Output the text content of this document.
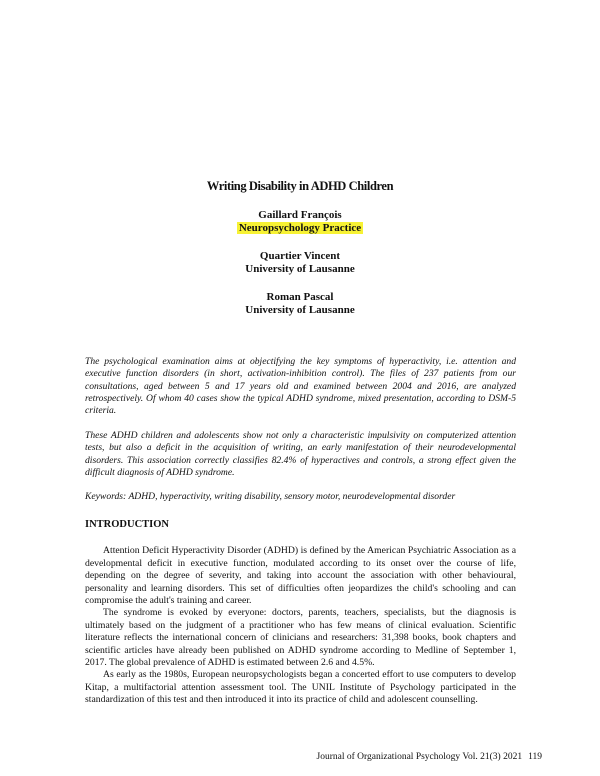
Writing Disability in ADHD Children
Gaillard François
Neuropsychology Practice
Quartier Vincent
University of Lausanne
Roman Pascal
University of Lausanne

The psychological examination aims at objectifying the key symptoms of hyperactivity, i.e. attention and executive function disorders (in short, activation-inhibition control). The files of 237 patients from our consultations, aged between 5 and 17 years old and examined between 2004 and 2016, are analyzed retrospectively. Of whom 40 cases show the typical ADHD syndrome, mixed presentation, according to DSM-5 criteria.

These ADHD children and adolescents show not only a characteristic impulsivity on computerized attention tests, but also a deficit in the acquisition of writing, an early manifestation of their neurodevelopmental disorders. This association correctly classifies 82.4% of hyperactives and controls, a strong effect given the difficult diagnosis of ADHD syndrome.

Keywords: ADHD, hyperactivity, writing disability, sensory motor, neurodevelopmental disorder

INTRODUCTION

Attention Deficit Hyperactivity Disorder (ADHD) is defined by the American Psychiatric Association as a developmental deficit in executive function, modulated according to its onset over the course of life, depending on the degree of severity, and taking into account the association with other behavioural, personality and learning disorders. This set of difficulties often jeopardizes the child's schooling and can compromise the adult's training and career.

The syndrome is evoked by everyone: doctors, parents, teachers, specialists, but the diagnosis is ultimately based on the judgment of a practitioner who has few means of clinical evaluation. Scientific literature reflects the international concern of clinicians and researchers: 31,398 books, book chapters and scientific articles have already been published on ADHD syndrome according to Medline of September 1, 2017. The global prevalence of ADHD is estimated between 2.6 and 4.5%.

As early as the 1980s, European neuropsychologists began a concerted effort to use computers to develop Kitap, a multifactorial attention assessment tool. The UNIL Institute of Psychology participated in the standardization of this test and then introduced it into its practice of child and adolescent counselling.

Journal of Organizational Psychology Vol. 21(3) 2021 119
